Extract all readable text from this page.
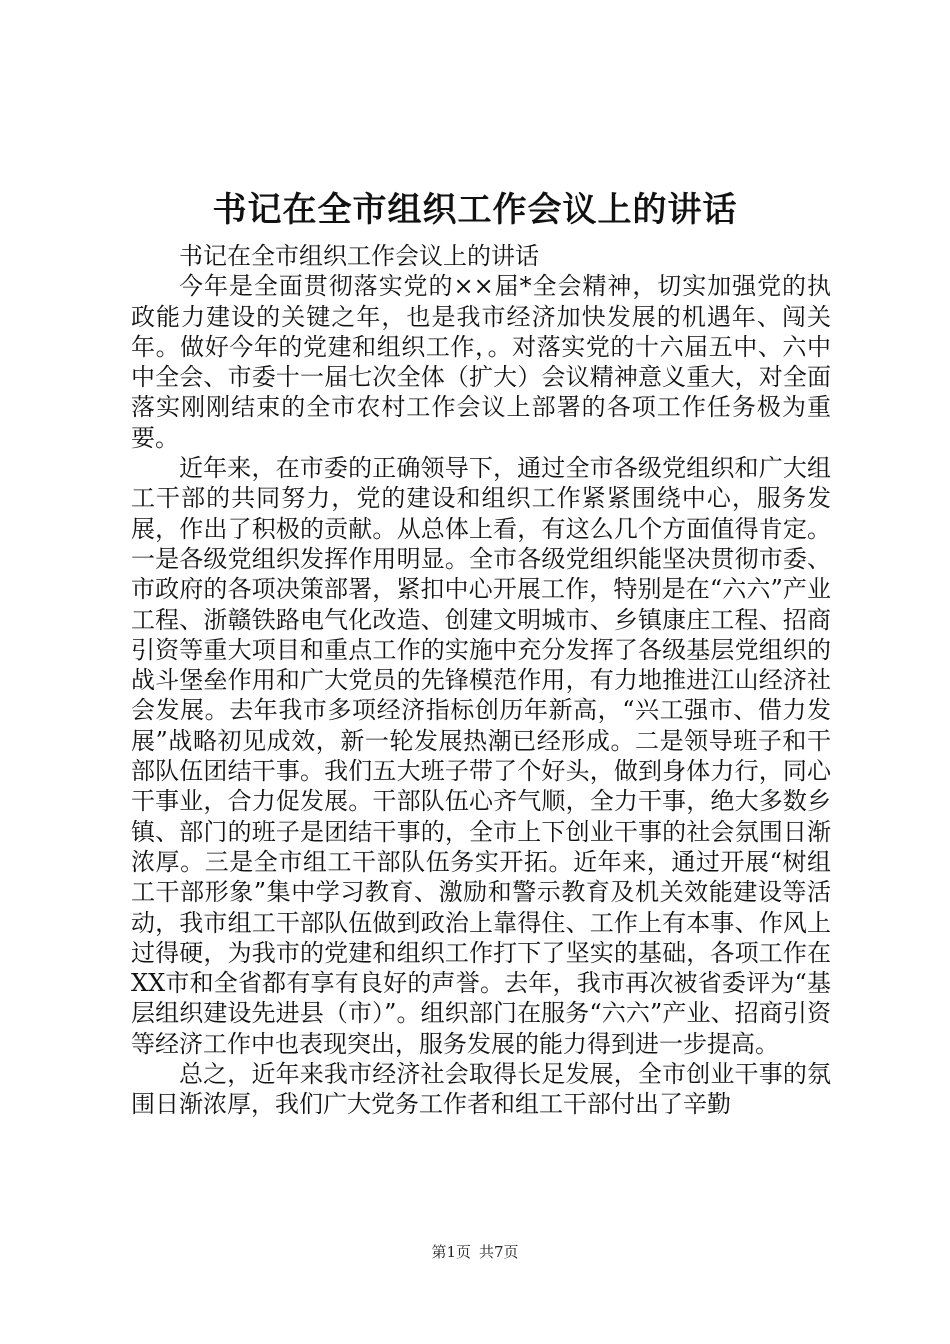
书记在全市组织工作会议上的讲话

书记在全市组织工作会议上的讲话

今年是全面贯彻落实党的××届*全会精神，切实加强党的执政能力建设的关键之年，也是我市经济加快发展的机遇年、闯关年。做好今年的党建和组织工作，。对落实党的十六届五中、六中中全会、市委十一届七次全体（扩大）会议精神意义重大，对全面落实刚刚结束的全市农村工作会议上部署的各项工作任务极为重要。

近年来，在市委的正确领导下，通过全市各级党组织和广大组工干部的共同努力，党的建设和组织工作紧紧围绕中心，服务发展，作出了积极的贡献。从总体上看，有这么几个方面值得肯定。一是各级党组织发挥作用明显。全市各级党组织能坚决贯彻市委、市政府的各项决策部署，紧扣中心开展工作，特别是在“六六”产业工程、浙赣铁路电气化改造、创建文明城市、乡镇康庄工程、招商引资等重大项目和重点工作的实施中充分发挥了各级基层党组织的战斗堡垒作用和广大党员的先锋模范作用，有力地推进江山经济社会发展。去年我市多项经济指标创历年新高，“兴工强市、借力发展”战略初见成效，新一轮发展热潮已经形成。二是领导班子和干部队伍团结干事。我们五大班子带了个好头，做到身体力行，同心干事业，合力促发展。干部队伍心齐气顺，全力干事，绝大多数乡镇、部门的班子是团结干事的，全市上下创业干事的社会氛围日渐浓厚。三是全市组工干部队伍务实开拓。近年来，通过开展“树组工干部形象”集中学习教育、激励和警示教育及机关效能建设等活动，我市组工干部队伍做到政治上靠得住、工作上有本事、作风上过得硬，为我市的党建和组织工作打下了坚实的基础，各项工作在XX市和全省都有享有良好的声誉。去年，我市再次被省委评为“基层组织建设先进县（市）”。组织部门在服务“六六”产业、招商引资等经济工作中也表现突出，服务发展的能力得到进一步提高。

总之，近年来我市经济社会取得长足发展，全市创业干事的氛围日渐浓厚，我们广大党务工作者和组工干部付出了辛勤

第1页 共7页
